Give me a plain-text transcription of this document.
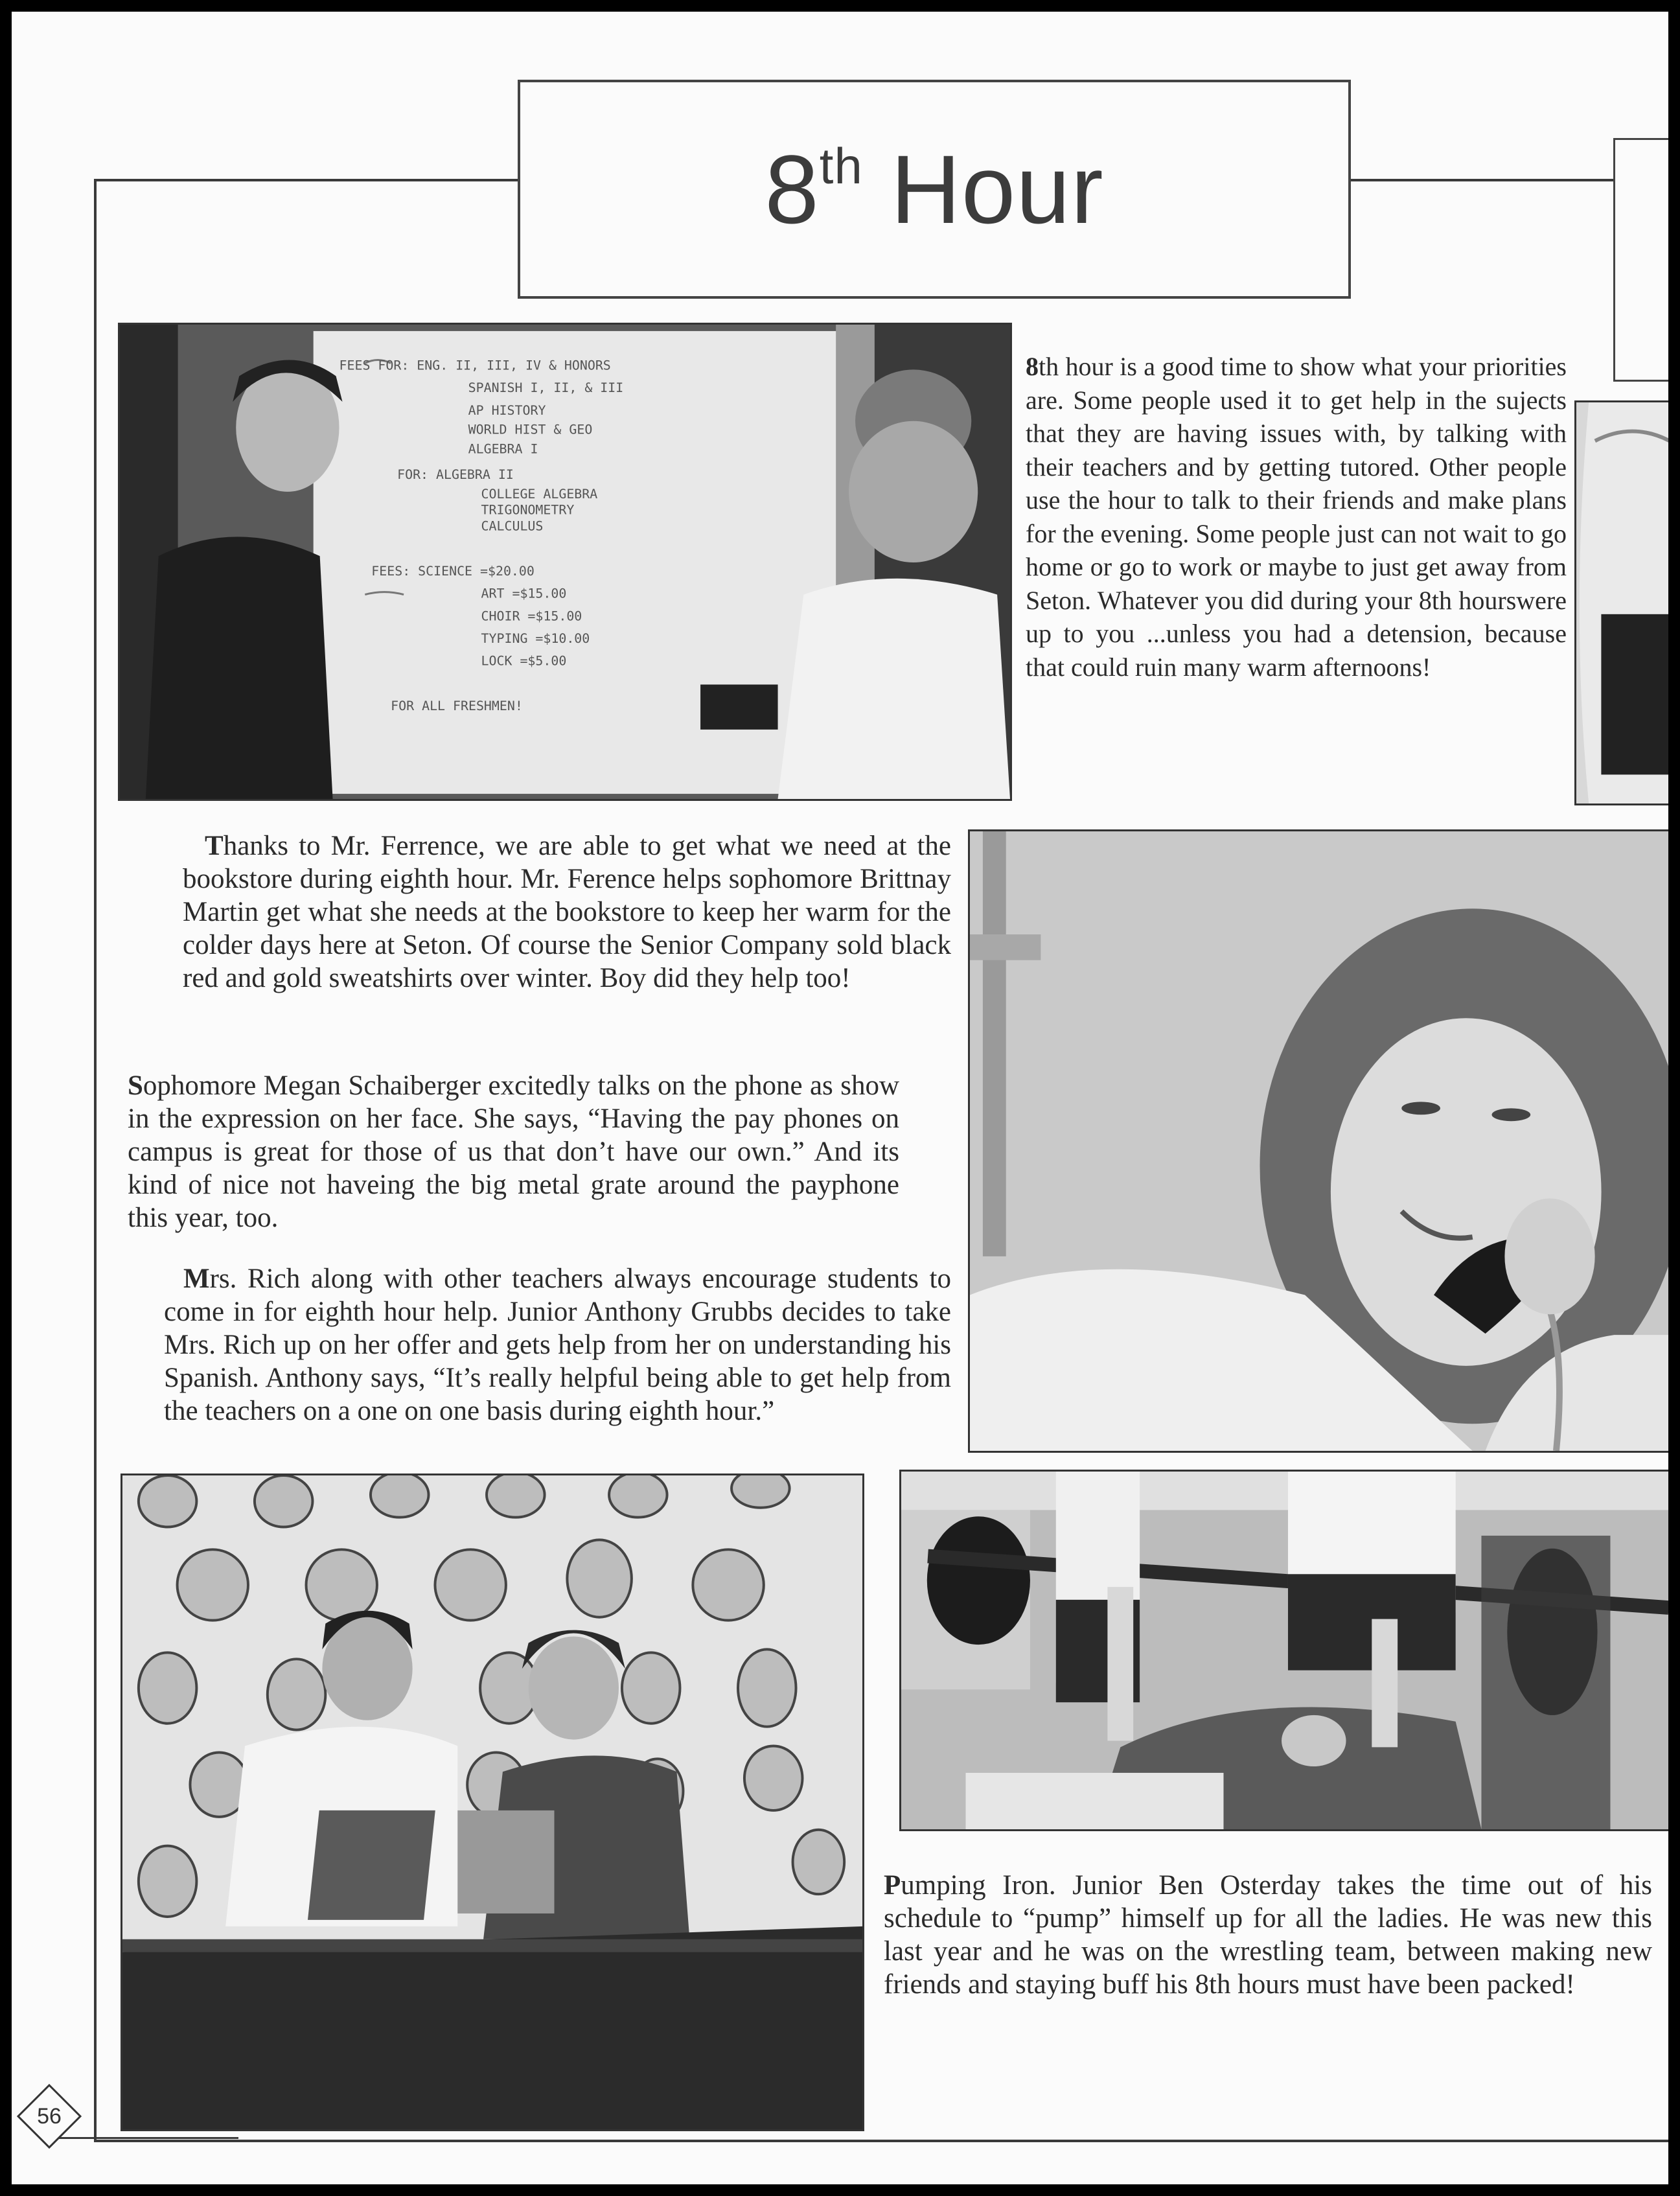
8th Hour
FEES FOR: ENG. II, III, IV & HONORS
SPANISH I, II, & III
AP HISTORY
WORLD HIST & GEO
ALGEBRA I
FOR: ALGEBRA II
COLLEGE ALGEBRA
TRIGONOMETRY
CALCULUS
FEES: SCIENCE =$20.00
ART =$15.00
CHOIR =$15.00
TYPING =$10.00
LOCK =$5.00
FOR ALL FRESHMEN!
8th hour is a good time to show what your priorities are. Some people used it to get help in the sujects that they are having issues with, by talking with their teachers and by getting tutored. Other people use the hour to talk to their friends and make plans for the evening. Some people just can not wait to go home or go to work or maybe to just get away from Seton. Whatever you did during your 8th hourswere up to you ...unless you had a detension, because that could ruin many warm afternoons!
Thanks to Mr. Ferrence, we are able to get what we need at the bookstore during eighth hour. Mr. Ference helps sophomore Brittnay Martin get what she needs at the bookstore to keep her warm for the colder days here at Seton. Of course the Senior Company sold black red and gold sweatshirts over winter. Boy did they help too!
Sophomore Megan Schaiberger excitedly talks on the phone as show in the expression on her face. She says, “Having the pay phones on campus is great for those of us that don’t have our own.” And its kind of nice not haveing the big metal grate around the payphone this year, too.
Mrs. Rich along with other teachers always encourage students to come in for eighth hour help. Junior Anthony Grubbs decides to take Mrs. Rich up on her offer and gets help from her on understanding his Spanish. Anthony says, “It’s really helpful being able to get help from the teachers on a one on one basis during eighth hour.”
Pumping Iron. Junior Ben Osterday takes the time out of his schedule to “pump” himself up for all the ladies. He was new this last year and he was on the wrestling team, between making new friends and staying buff his 8th hours must have been packed!
56
